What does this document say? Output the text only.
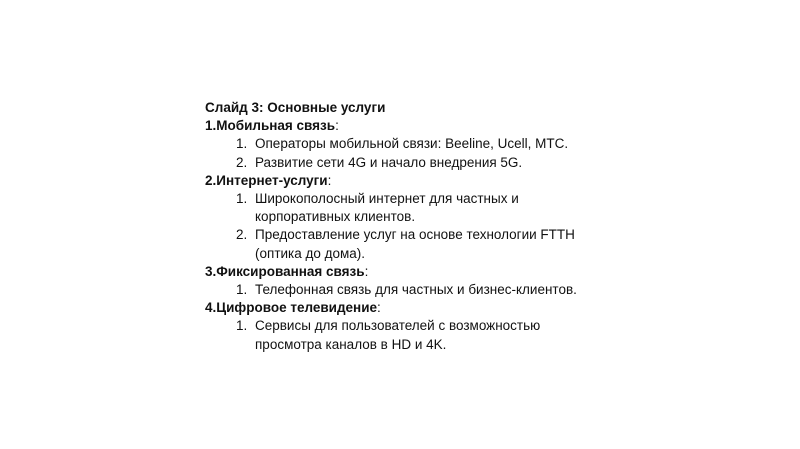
Слайд 3: Основные услуги

1.Мобильная связь:

1. Операторы мобильной связи: Beeline, Ucell, MTC.
2. Развитие сети 4G и начало внедрения 5G.

2.Интернет-услуги:

1. Широкополосный интернет для частных и корпоративных клиентов.
2. Предоставление услуг на основе технологии FTTH (оптика до дома).

3.Фиксированная связь:

1. Телефонная связь для частных и бизнес-клиентов.

4.Цифровое телевидение:

1. Сервисы для пользователей с возможностью просмотра каналов в HD и 4K.
